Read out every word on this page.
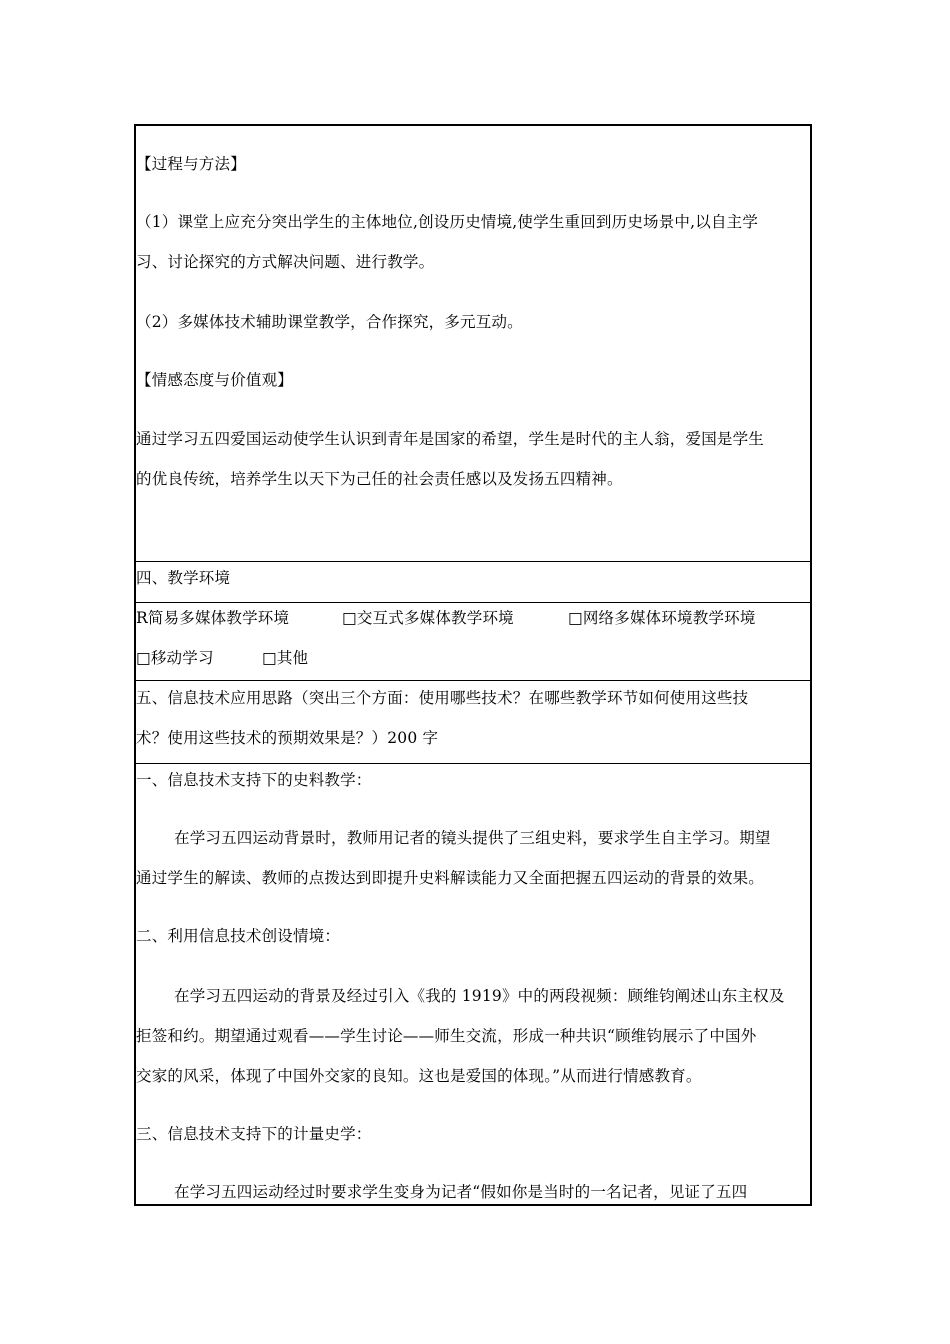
【过程与方法】
（1）课堂上应充分突出学生的主体地位,创设历史情境,使学生重回到历史场景中,以自主学
习、讨论探究的方式解决问题、进行教学。
（2）多媒体技术辅助课堂教学，合作探究，多元互动。
【情感态度与价值观】
通过学习五四爱国运动使学生认识到青年是国家的希望，学生是时代的主人翁，爱国是学生
的优良传统，培养学生以天下为己任的社会责任感以及发扬五四精神。
四、教学环境
R简易多媒体教学环境	□交互式多媒体教学环境	□网络多媒体环境教学环境
□移动学习	□其他
五、信息技术应用思路（突出三个方面：使用哪些技术？在哪些教学环节如何使用这些技
术？使用这些技术的预期效果是？）200 字
一、信息技术支持下的史料教学：
在学习五四运动背景时，教师用记者的镜头提供了三组史料，要求学生自主学习。期望
通过学生的解读、教师的点拨达到即提升史料解读能力又全面把握五四运动的背景的效果。
二、利用信息技术创设情境：
在学习五四运动的背景及经过引入《我的 1919》中的两段视频：顾维钧阐述山东主权及
拒签和约。期望通过观看——学生讨论——师生交流，形成一种共识“顾维钧展示了中国外
交家的风采，体现了中国外交家的良知。这也是爱国的体现。”从而进行情感教育。
三、信息技术支持下的计量史学：
在学习五四运动经过时要求学生变身为记者“假如你是当时的一名记者，见证了五四
